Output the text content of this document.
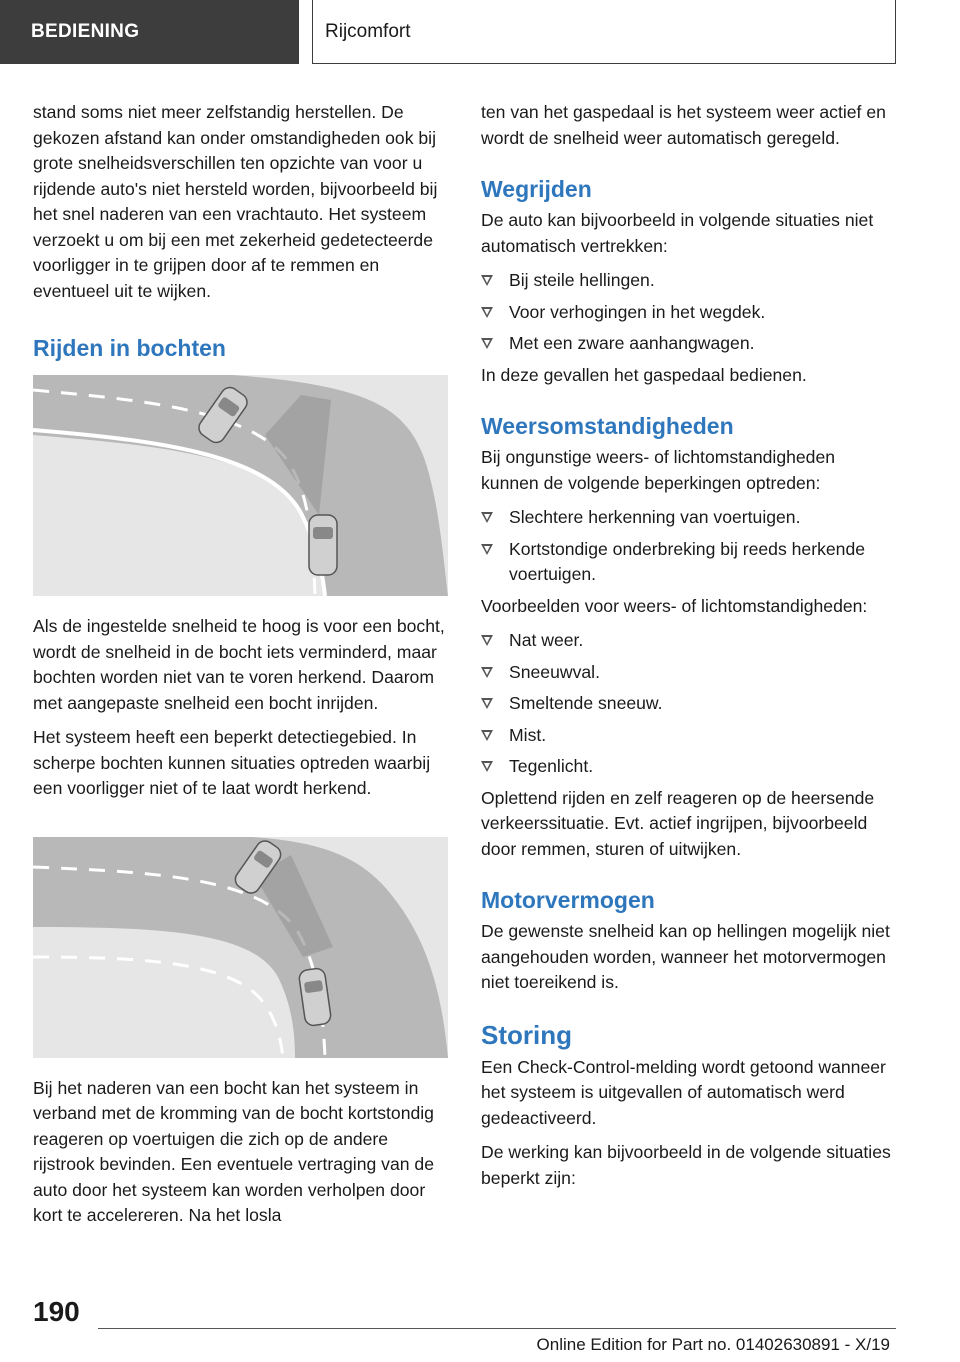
BEDIENING	Rijcomfort

stand soms niet meer zelfstandig herstellen. De gekozen afstand kan onder omstandigheden ook bij grote snelheidsverschillen ten opzichte van voor u rijdende auto's niet hersteld worden, bijvoorbeeld bij het snel naderen van een vrachtauto. Het systeem verzoekt u om bij een met zekerheid gedetecteerde voorligger in te grijpen door af te remmen en eventueel uit te wijken.

Rijden in bochten

Als de ingestelde snelheid te hoog is voor een bocht, wordt de snelheid in de bocht iets verminderd, maar bochten worden niet van te voren herkend. Daarom met aangepaste snelheid een bocht inrijden.

Het systeem heeft een beperkt detectiegebied. In scherpe bochten kunnen situaties optreden waarbij een voorligger niet of te laat wordt herkend.

Bij het naderen van een bocht kan het systeem in verband met de kromming van de bocht kortstondig reageren op voertuigen die zich op de andere rijstrook bevinden. Een eventuele vertraging van de auto door het systeem kan worden verholpen door kort te accelereren. Na het losla

ten van het gaspedaal is het systeem weer actief en wordt de snelheid weer automatisch geregeld.

Wegrijden

De auto kan bijvoorbeeld in volgende situaties niet automatisch vertrekken:

Bij steile hellingen.
Voor verhogingen in het wegdek.
Met een zware aanhangwagen.

In deze gevallen het gaspedaal bedienen.

Weersomstandigheden

Bij ongunstige weers- of lichtomstandigheden kunnen de volgende beperkingen optreden:

Slechtere herkenning van voertuigen.
Kortstondige onderbreking bij reeds herkende voertuigen.

Voorbeelden voor weers- of lichtomstandigheden:

Nat weer.
Sneeuwval.
Smeltende sneeuw.
Mist.
Tegenlicht.

Oplettend rijden en zelf reageren op de heersende verkeerssituatie. Evt. actief ingrijpen, bijvoorbeeld door remmen, sturen of uitwijken.

Motorvermogen

De gewenste snelheid kan op hellingen mogelijk niet aangehouden worden, wanneer het motorvermogen niet toereikend is.

Storing

Een Check-Control-melding wordt getoond wanneer het systeem is uitgevallen of automatisch werd gedeactiveerd.

De werking kan bijvoorbeeld in de volgende situaties beperkt zijn:

190
Online Edition for Part no. 01402630891 - X/19
